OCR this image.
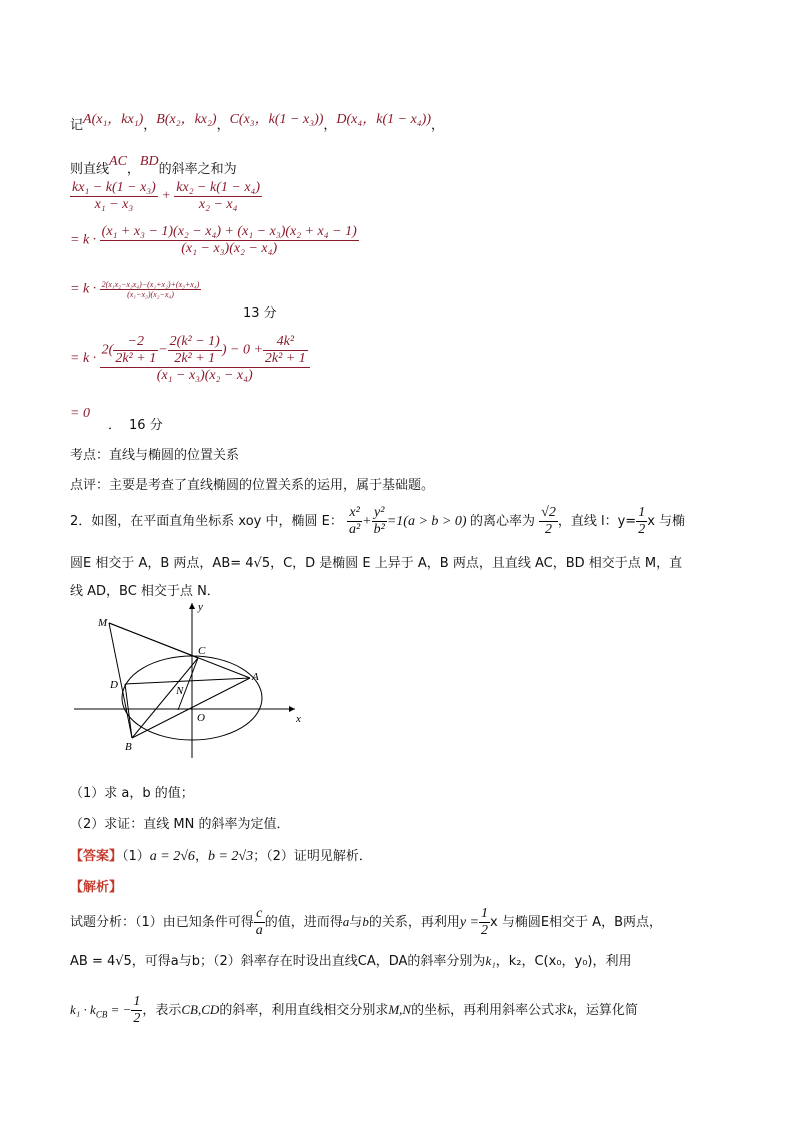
记A(x₁，kx₁)，B(x₂，kx₂)，C(x₃，k(1 − x₃))，D(x₄，k(1 − x₄))，
则直线AC，BD的斜率之和为
$\frac{\text{kx₁ − k(1 − x₃)}}{\text{x₁ − x₃}} + \frac{\text{kx₂ − k(1 − x₄)}}{\text{x₂ − x₄}}$
= $k \cdot \frac{\text{(x₁ + x₃ − 1)(x₂ − x₄) + (x₁ − x₃)(x₂ + x₄ − 1)}}{\text{(x₁ − x₃)(x₂ − x₄)}}$
= $k \cdot \frac{\text{2(x₁x₂−x₃x₄)−(x₁+x₂)+(x₃+x₄)}}{\text{(x₁−x₃)(x₂−x₄)}}$
13 分
= $k \cdot \frac{2( \frac{-2}{\text{2k² + 1}} - \frac{\text{2(k² − 1)}}{\text{2k² + 1}} ) - 0 + \frac{\text{4k²}}{\text{2k² + 1}}}{\text{(x₁ − x₃)(x₂ − x₄)}}$
= 0
． 16 分
考点：直线与椭圆的位置关系
点评：主要是考查了直线椭圆的位置关系的运用，属于基础题。
2．如图，在平面直角坐标系 xoy 中，椭圆 E： $\frac{\text{x²}}{\text{a²}} + \frac{\text{y²}}{\text{b²}} =1(a > b > 0)$ 的离心率为 $\frac{√2}{2}$ ，直线 l：$y= \frac{1}{2}$ x 与椭
圆E 相交于 A，B 两点，AB= 4√5，C，D 是椭圆 E 上异于 A，B 两点，且直线 AC，BD 相交于点 M，直
线 AD，BC 相交于点 N．
M
C
A
D	N
O
B
x
y
（1）求 a，b 的值；
（2）求证：直线 MN 的斜率为定值．
【答案】（1）a = 2√6，b = 2√3；（2）证明见解析．
【解析】
试题分析：（1）由已知条件可得 $\frac{c}{a}$ 的值，进而得a与b的关系，再利用$y = \frac{1}{2}$ x 与椭圆E相交于 A，B两点，
AB = 4√5，可得a与b；（2）斜率存在时设出直线CA，DA的斜率分别为k₁，k₂，C(x₀，y₀)，利用
$k_1 \cdot k_{CB}$ = − $\frac{1}{2}$ ，表示CB,CD的斜率，利用直线相交分别求M,N的坐标，再利用斜率公式求k，运算化简
